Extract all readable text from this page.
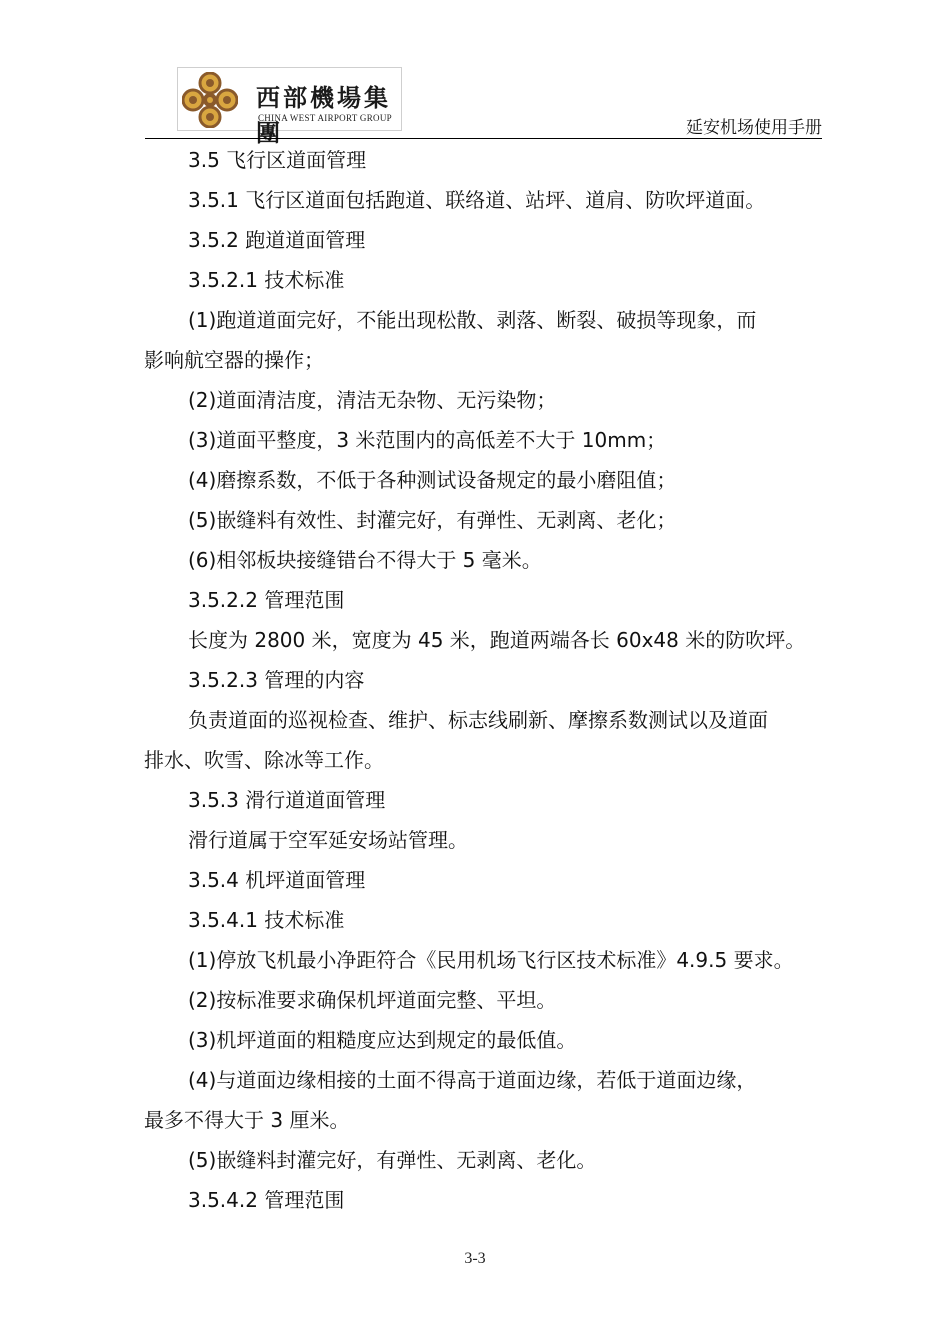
西部機場集團
CHINA WEST AIRPORT GROUP	延安机场使用手册
3.5 飞行区道面管理
3.5.1 飞行区道面包括跑道、联络道、站坪、道肩、防吹坪道面。
3.5.2 跑道道面管理
3.5.2.1 技术标准
(1)跑道道面完好，不能出现松散、剥落、断裂、破损等现象，而
影响航空器的操作；
(2)道面清洁度，清洁无杂物、无污染物；
(3)道面平整度，3 米范围内的高低差不大于 10mm；
(4)磨擦系数，不低于各种测试设备规定的最小磨阻值；
(5)嵌缝料有效性、封灌完好，有弹性、无剥离、老化；
(6)相邻板块接缝错台不得大于 5 毫米。
3.5.2.2 管理范围
长度为 2800 米，宽度为 45 米，跑道两端各长 60x48 米的防吹坪。
3.5.2.3 管理的内容
负责道面的巡视检查、维护、标志线刷新、摩擦系数测试以及道面
排水、吹雪、除冰等工作。
3.5.3 滑行道道面管理
滑行道属于空军延安场站管理。
3.5.4 机坪道面管理
3.5.4.1 技术标准
(1)停放飞机最小净距符合《民用机场飞行区技术标准》4.9.5 要求。
(2)按标准要求确保机坪道面完整、平坦。
(3)机坪道面的粗糙度应达到规定的最低值。
(4)与道面边缘相接的土面不得高于道面边缘，若低于道面边缘，
最多不得大于 3 厘米。
(5)嵌缝料封灌完好，有弹性、无剥离、老化。
3.5.4.2 管理范围
3-3
